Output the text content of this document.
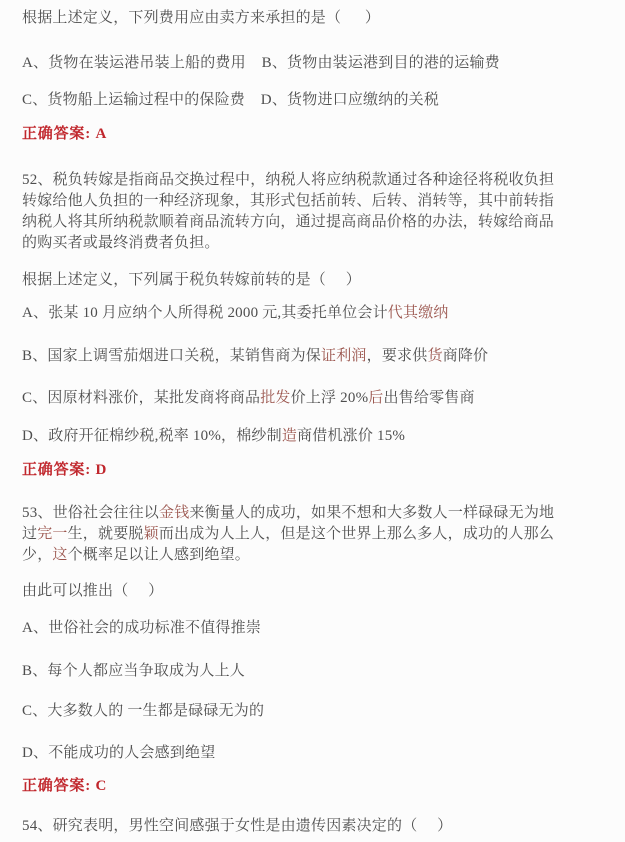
根据上述定义，下列费用应由卖方来承担的是（      ）

A、货物在装运港吊装上船的费用    B、货物由装运港到目的港的运输费

C、货物船上运输过程中的保险费    D、货物进口应缴纳的关税

正确答案: A

52、税负转嫁是指商品交换过程中，纳税人将应纳税款通过各种途径将税收负担
转嫁给他人负担的一种经济现象，其形式包括前转、后转、消转等，其中前转指
纳税人将其所纳税款顺着商品流转方向，通过提高商品价格的办法，转嫁给商品
的购买者或最终消费者负担。

根据上述定义，下列属于税负转嫁前转的是（     ）

A、张某 10 月应纳个人所得税 2000 元,其委托单位会计代其缴纳

B、国家上调雪茄烟进口关税，某销售商为保证利润，要求供货商降价

C、因原材料涨价，某批发商将商品批发价上浮 20%后出售给零售商

D、政府开征棉纱税,税率 10%，棉纱制造商借机涨价 15%

正确答案: D

53、世俗社会往往以金钱来衡量人的成功，如果不想和大多数人一样碌碌无为地
过完一生，就要脱颖而出成为人上人，但是这个世界上那么多人，成功的人那么
少，这个概率足以让人感到绝望。

由此可以推出（     ）

A、世俗社会的成功标准不值得推崇

B、每个人都应当争取成为人上人

C、大多数人的 一生都是碌碌无为的

D、不能成功的人会感到绝望

正确答案: C

54、研究表明，男性空间感强于女性是由遗传因素决定的（     ）
